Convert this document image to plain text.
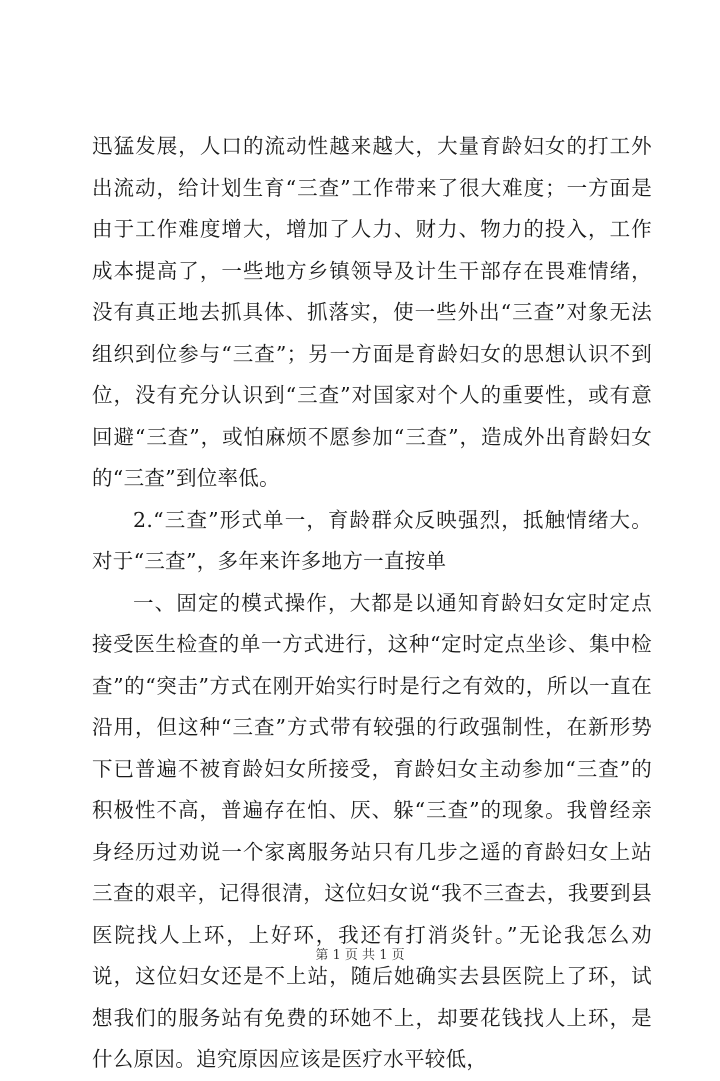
迅猛发展，人口的流动性越来越大，大量育龄妇女的打工外出流动，给计划生育“三查”工作带来了很大难度；一方面是由于工作难度增大，增加了人力、财力、物力的投入，工作成本提高了，一些地方乡镇领导及计生干部存在畏难情绪，没有真正地去抓具体、抓落实，使一些外出“三查”对象无法组织到位参与“三查”；另一方面是育龄妇女的思想认识不到位，没有充分认识到“三查”对国家对个人的重要性，或有意回避“三查”，或怕麻烦不愿参加“三查”，造成外出育龄妇女的“三查”到位率低。

2.“三查”形式单一，育龄群众反映强烈，抵触情绪大。对于“三查”，多年来许多地方一直按单

一、固定的模式操作，大都是以通知育龄妇女定时定点接受医生检查的单一方式进行，这种“定时定点坐诊、集中检查”的“突击”方式在刚开始实行时是行之有效的，所以一直在沿用，但这种“三查”方式带有较强的行政强制性，在新形势下已普遍不被育龄妇女所接受，育龄妇女主动参加“三查”的积极性不高，普遍存在怕、厌、躲“三查”的现象。我曾经亲身经历过劝说一个家离服务站只有几步之遥的育龄妇女上站三查的艰辛，记得很清，这位妇女说“我不三查去，我要到县医院找人上环，上好环，我还有打消炎针。”无论我怎么劝说，这位妇女还是不上站，随后她确实去县医院上了环，试想我们的服务站有免费的环她不上，却要花钱找人上环，是什么原因。追究原因应该是医疗水平较低，

第 1 页 共 1 页
